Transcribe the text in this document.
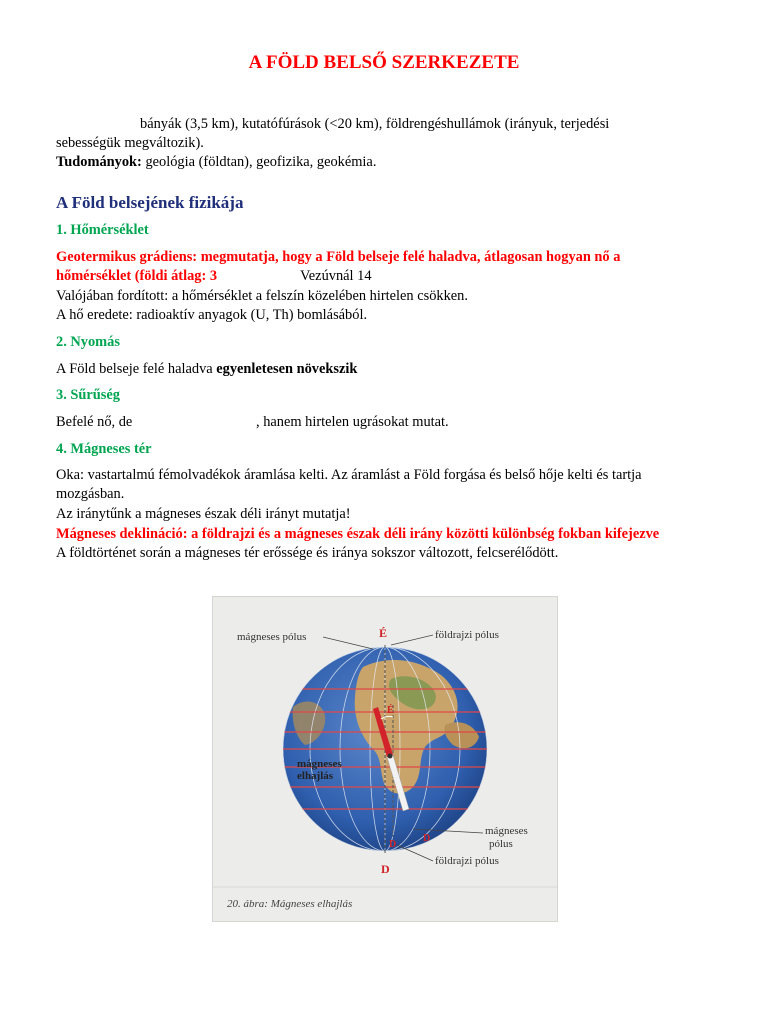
A FÖLD BELSŐ SZERKEZETE
bányák (3,5 km), kutatófúrások (<20 km), földrengéshullámok (irányuk, terjedési
sebességük megváltozik).
Tudományok: geológia (földtan), geofizika, geokémia.
A Föld belsejének fizikája
1. Hőmérséklet
Geotermikus grádiens: megmutatja, hogy a Föld belseje felé haladva, átlagosan hogyan nő a
hőmérséklet (földi átlag: 3	Vezúvnál 14
Valójában fordított: a hőmérséklet a felszín közelében hirtelen csökken.
A hő eredete: radioaktív anyagok (U, Th) bomlásából.
2. Nyomás
A Föld belseje felé haladva egyenletesen növekszik
3. Sűrűség
Befelé nő, de	, hanem hirtelen ugrásokat mutat.
4. Mágneses tér
Oka: vastartalmú fémolvadékok áramlása kelti. Az áramlást a Föld forgása és belső hője kelti és tartja
mozgásban.
Az iránytűnk a mágneses észak déli irányt mutatja!
Mágneses deklináció: a földrajzi és a mágneses észak déli irány közötti különbség fokban kifejezve
A földtörténet során a mágneses tér erőssége és iránya sokszor változott, felcserélődött.
mágneses pólus	földrajzi pólus
É
É
mágneses
elhajlás
mágneses
pólus
földrajzi pólus
D
D
D
20. ábra: Mágneses elhajlás
